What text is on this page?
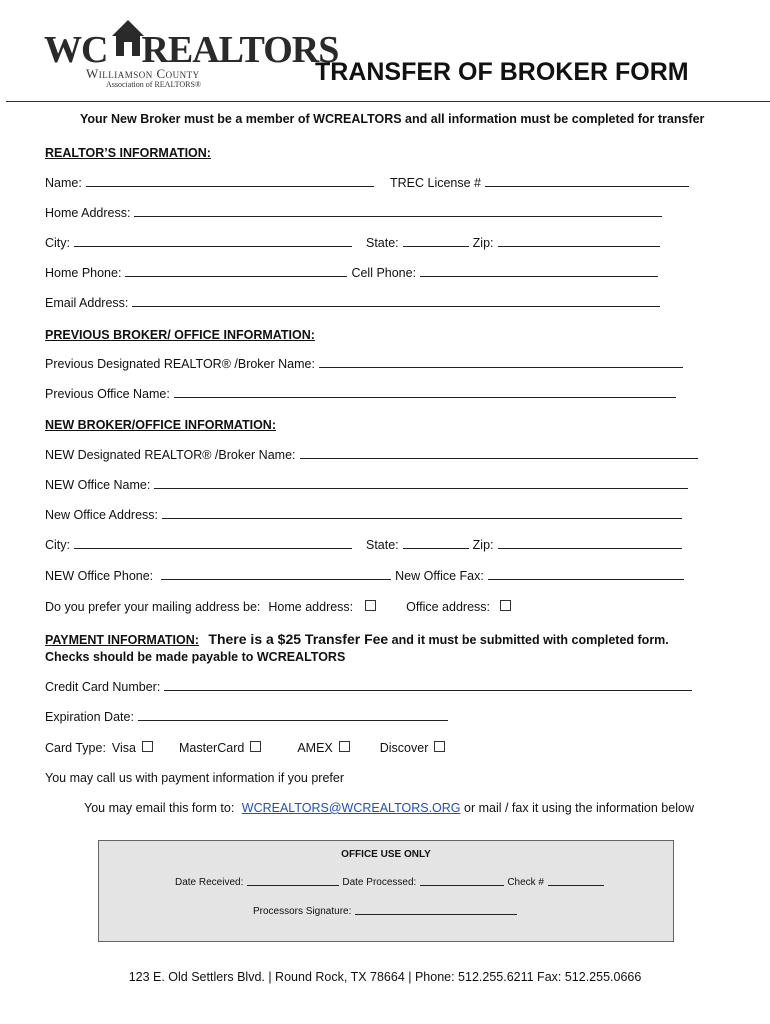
WC REALTORS
Williamson County
Association of REALTORS®	TRANSFER OF BROKER FORM
Your New Broker must be a member of WCREALTORS and all information must be completed for transfer
REALTOR’S INFORMATION:
Name:	TREC License #
Home Address:
City:	State:	Zip:
Home Phone:	Cell Phone:
Email Address:
PREVIOUS BROKER/ OFFICE INFORMATION:
Previous Designated REALTOR® /Broker Name:
Previous Office Name:
NEW BROKER/OFFICE INFORMATION:
NEW Designated REALTOR® /Broker Name:
NEW Office Name:
New Office Address:
City:	State:	Zip:
NEW Office Phone:	New Office Fax:
Do you prefer your mailing address be: Home address:	Office address:
PAYMENT INFORMATION: There is a $25 Transfer Fee and it must be submitted with completed form.
Checks should be made payable to WCREALTORS
Credit Card Number:
Expiration Date:
Card Type: Visa	MasterCard	AMEX	Discover
You may call us with payment information if you prefer
You may email this form to: WCREALTORS@WCREALTORS.ORG or mail / fax it using the information below
OFFICE USE ONLY
Date Received:	Date Processed:	Check #
Processors Signature:
123 E. Old Settlers Blvd. | Round Rock, TX 78664 | Phone: 512.255.6211 Fax: 512.255.0666
